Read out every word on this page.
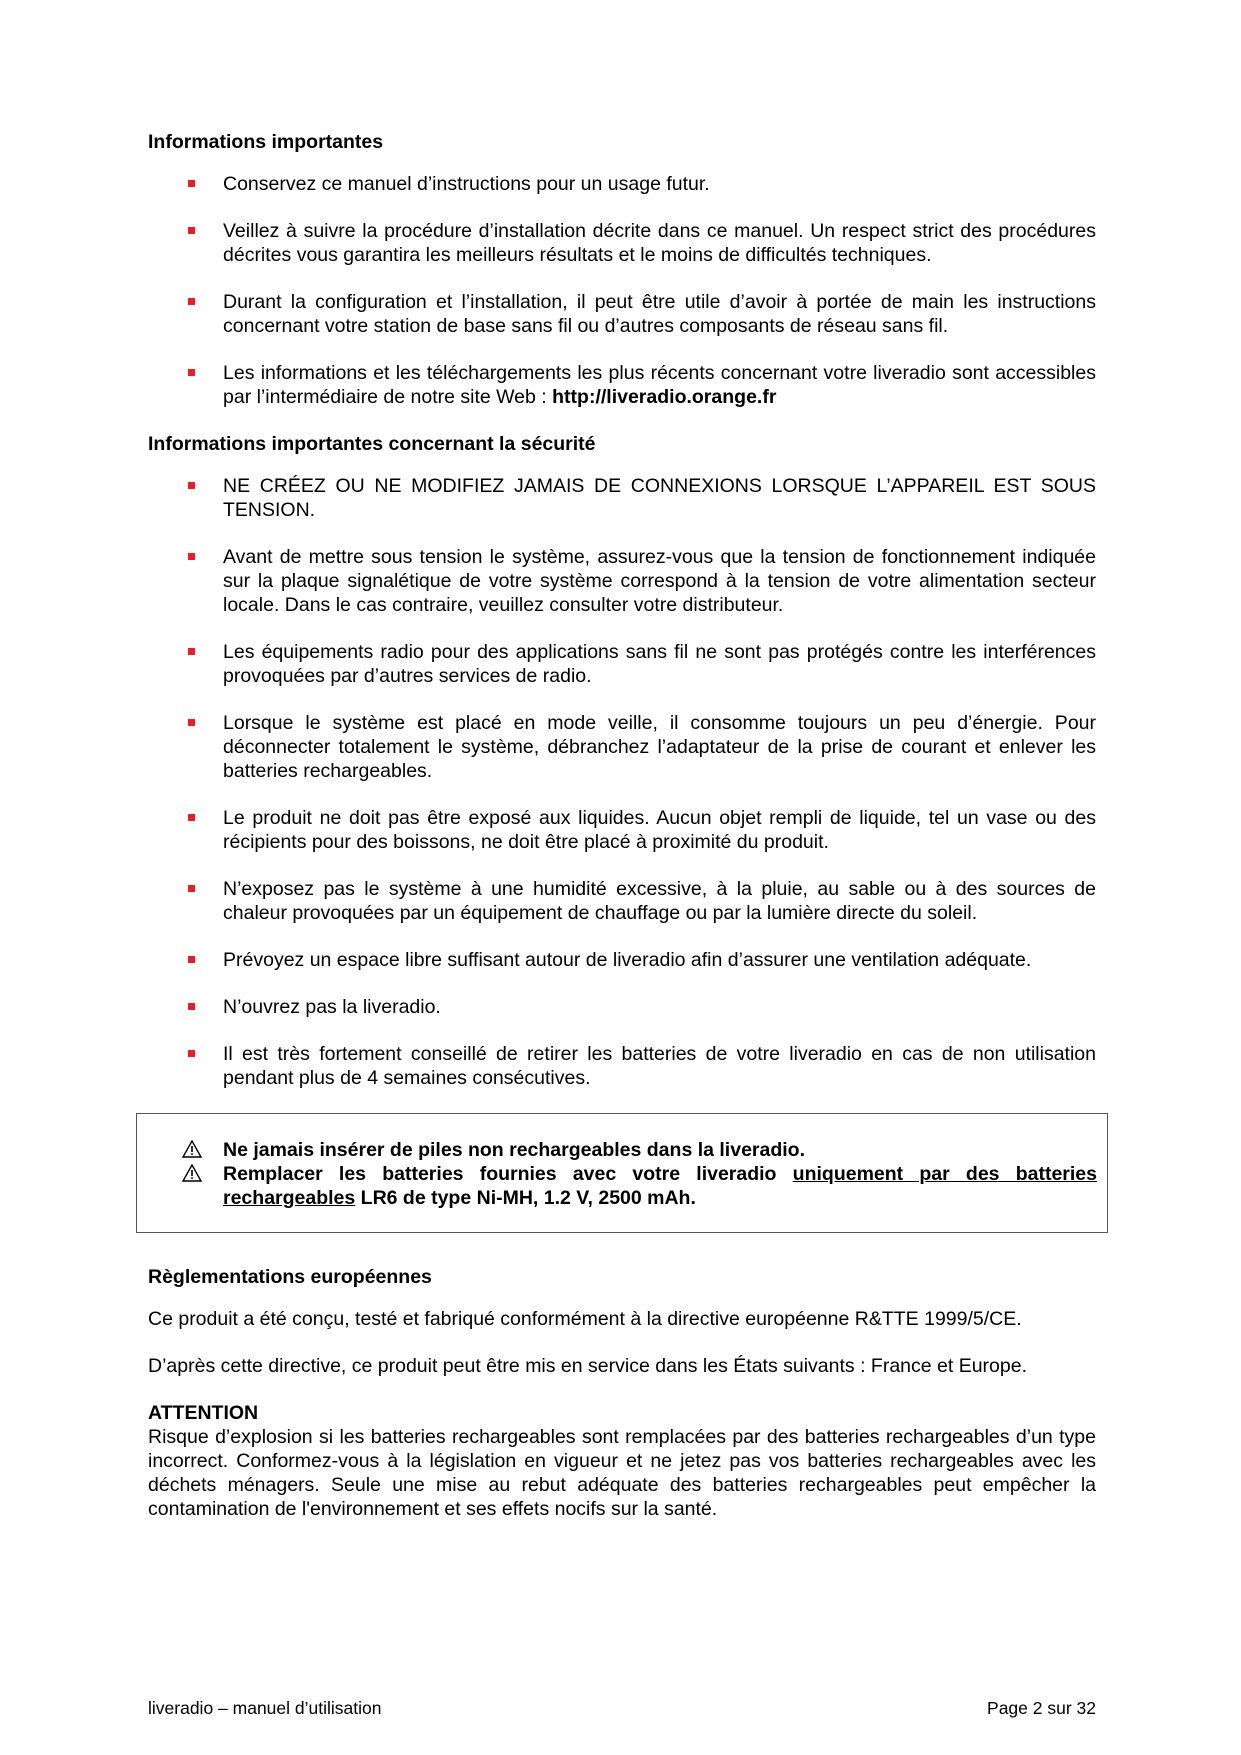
Informations importantes
Conservez ce manuel d’instructions pour un usage futur.
Veillez à suivre la procédure d’installation décrite dans ce manuel. Un respect strict des procédures décrites vous garantira les meilleurs résultats et le moins de difficultés techniques.
Durant la configuration et l’installation, il peut être utile d’avoir à portée de main les instructions concernant votre station de base sans fil ou d’autres composants de réseau sans fil.
Les informations et les téléchargements les plus récents concernant votre liveradio sont accessibles par l’intermédiaire de notre site Web : http://liveradio.orange.fr
Informations importantes concernant la sécurité
NE CRÉEZ OU NE MODIFIEZ JAMAIS DE CONNEXIONS LORSQUE L’APPAREIL EST SOUS TENSION.
Avant de mettre sous tension le système, assurez-vous que la tension de fonctionnement indiquée sur la plaque signalétique de votre système correspond à la tension de votre alimentation secteur locale. Dans le cas contraire, veuillez consulter votre distributeur.
Les équipements radio pour des applications sans fil ne sont pas protégés contre les interférences provoquées par d’autres services de radio.
Lorsque le système est placé en mode veille, il consomme toujours un peu d’énergie. Pour déconnecter totalement le système, débranchez l’adaptateur de la prise de courant et enlever les batteries rechargeables.
Le produit ne doit pas être exposé aux liquides. Aucun objet rempli de liquide, tel un vase ou des récipients pour des boissons, ne doit être placé à proximité du produit.
N’exposez pas le système à une humidité excessive, à la pluie, au sable ou à des sources de chaleur provoquées par un équipement de chauffage ou par la lumière directe du soleil.
Prévoyez un espace libre suffisant autour de liveradio afin d’assurer une ventilation adéquate.
N’ouvrez pas la liveradio.
Il est très fortement conseillé de retirer les batteries de votre liveradio en cas de non utilisation pendant plus de 4 semaines consécutives.

Ne jamais insérer de piles non rechargeables dans la liveradio.

Remplacer les batteries fournies avec votre liveradio uniquement par des batteries rechargeables LR6 de type Ni-MH, 1.2 V, 2500 mAh.

Règlementations européennes

Ce produit a été conçu, testé et fabriqué conformément à la directive européenne R&TTE 1999/5/CE.

D’après cette directive, ce produit peut être mis en service dans les États suivants : France et Europe.

ATTENTION

Risque d’explosion si les batteries rechargeables sont remplacées par des batteries rechargeables d’un type incorrect. Conformez-vous à la législation en vigueur et ne jetez pas vos batteries rechargeables avec les déchets ménagers. Seule une mise au rebut adéquate des batteries rechargeables peut empêcher la contamination de l'environnement et ses effets nocifs sur la santé.

liveradio – manuel d’utilisation	Page 2 sur 32
